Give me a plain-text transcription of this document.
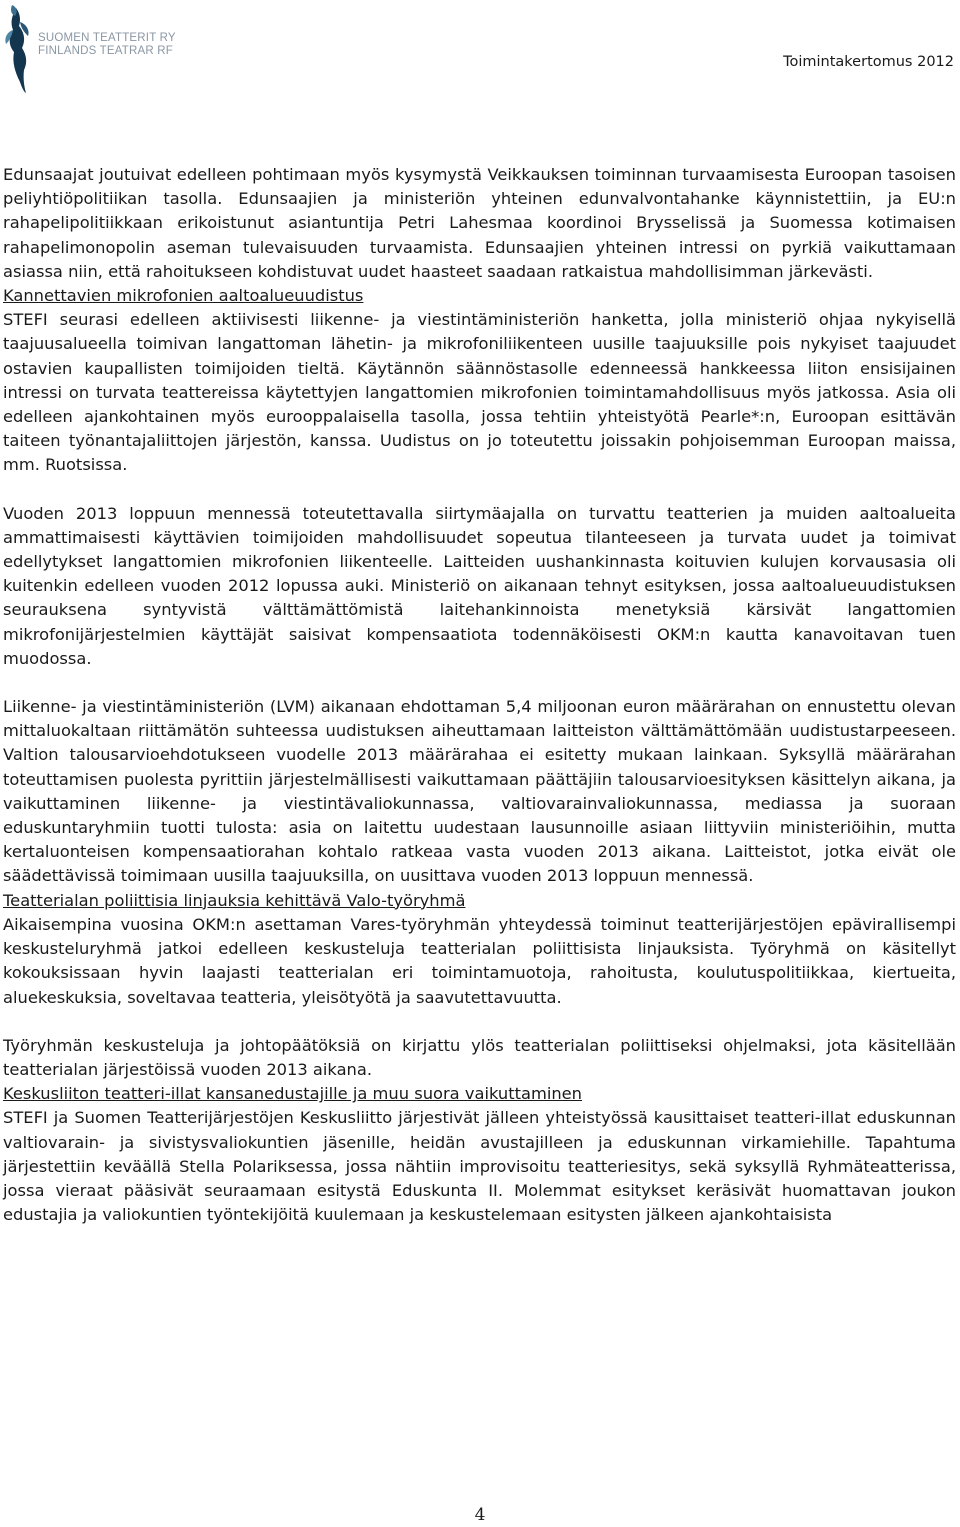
SUOMEN TEATTERIT RY
FINLANDS TEATRAR RF
Toimintakertomus 2012

Edunsaajat joutuivat edelleen pohtimaan myös kysymystä Veikkauksen toiminnan turvaamisesta Euroopan tasoisen peliyhtiöpolitiikan tasolla. Edunsaajien ja ministeriön yhteinen edunvalvontahanke käynnistettiin, ja EU:n rahapelipolitiikkaan erikoistunut asiantuntija Petri Lahesmaa koordinoi Brysselissä ja Suomessa kotimaisen rahapelimonopolin aseman tulevaisuuden turvaamista. Edunsaajien yhteinen intressi on pyrkiä vaikuttamaan asiassa niin, että rahoitukseen kohdistuvat uudet haasteet saadaan ratkaistua mahdollisimman järkevästi.

Kannettavien mikrofonien aaltoalueuudistus

STEFI seurasi edelleen aktiivisesti liikenne- ja viestintäministeriön hanketta, jolla ministeriö ohjaa nykyisellä taajuusalueella toimivan langattoman lähetin- ja mikrofoniliikenteen uusille taajuuksille pois nykyiset taajuudet ostavien kaupallisten toimijoiden tieltä. Käytännön säännöstasolle edenneessä hankkeessa liiton ensisijainen intressi on turvata teattereissa käytettyjen langattomien mikrofonien toimintamahdollisuus myös jatkossa. Asia oli edelleen ajankohtainen myös eurooppalaisella tasolla, jossa tehtiin yhteistyötä Pearle*:n, Euroopan esittävän taiteen työnantajaliittojen järjestön, kanssa. Uudistus on jo toteutettu joissakin pohjoisemman Euroopan maissa, mm. Ruotsissa.

Vuoden 2013 loppuun mennessä toteutettavalla siirtymäajalla on turvattu teatterien ja muiden aaltoalueita ammattimaisesti käyttävien toimijoiden mahdollisuudet sopeutua tilanteeseen ja turvata uudet ja toimivat edellytykset langattomien mikrofonien liikenteelle. Laitteiden uushankinnasta koituvien kulujen korvausasia oli kuitenkin edelleen vuoden 2012 lopussa auki. Ministeriö on aikanaan tehnyt esityksen, jossa aaltoalueuudistuksen seurauksena syntyvistä välttämättömistä laitehankinnoista menetyksiä kärsivät langattomien mikrofonijärjestelmien käyttäjät saisivat kompensaatiota todennäköisesti OKM:n kautta kanavoitavan tuen muodossa.

Liikenne- ja viestintäministeriön (LVM) aikanaan ehdottaman 5,4 miljoonan euron määrärahan on ennustettu olevan mittaluokaltaan riittämätön suhteessa uudistuksen aiheuttamaan laitteiston välttämättömään uudistustarpeeseen. Valtion talousarvioehdotukseen vuodelle 2013 määrärahaa ei esitetty mukaan lainkaan. Syksyllä määrärahan toteuttamisen puolesta pyrittiin järjestelmällisesti vaikuttamaan päättäjiin talousarvioesityksen käsittelyn aikana, ja vaikuttaminen liikenne- ja viestintävaliokunnassa, valtiovarainvaliokunnassa, mediassa ja suoraan eduskuntaryhmiin tuotti tulosta: asia on laitettu uudestaan lausunnoille asiaan liittyviin ministeriöihin, mutta kertaluonteisen kompensaatiorahan kohtalo ratkeaa vasta vuoden 2013 aikana. Laitteistot, jotka eivät ole säädettävissä toimimaan uusilla taajuuksilla, on uusittava vuoden 2013 loppuun mennessä.

Teatterialan poliittisia linjauksia kehittävä Valo-työryhmä

Aikaisempina vuosina OKM:n asettaman Vares-työryhmän yhteydessä toiminut teatterijärjestöjen epävirallisempi keskusteluryhmä jatkoi edelleen keskusteluja teatterialan poliittisista linjauksista. Työryhmä on käsitellyt kokouksissaan hyvin laajasti teatterialan eri toimintamuotoja, rahoitusta, koulutuspolitiikkaa, kiertueita, aluekeskuksia, soveltavaa teatteria, yleisötyötä ja saavutettavuutta.

Työryhmän keskusteluja ja johtopäätöksiä on kirjattu ylös teatterialan poliittiseksi ohjelmaksi, jota käsitellään teatterialan järjestöissä vuoden 2013 aikana.

Keskusliiton teatteri-illat kansanedustajille ja muu suora vaikuttaminen

STEFI ja Suomen Teatterijärjestöjen Keskusliitto järjestivät jälleen yhteistyössä kausittaiset teatteri-illat eduskunnan valtiovarain- ja sivistysvaliokuntien jäsenille, heidän avustajilleen ja eduskunnan virkamiehille. Tapahtuma järjestettiin keväällä Stella Polariksessa, jossa nähtiin improvisoitu teatteriesitys, sekä syksyllä Ryhmäteatterissa, jossa vieraat pääsivät seuraamaan esitystä Eduskunta II. Molemmat esitykset keräsivät huomattavan joukon edustajia ja valiokuntien työntekijöitä kuulemaan ja keskustelemaan esitysten jälkeen ajankohtaisista

4
